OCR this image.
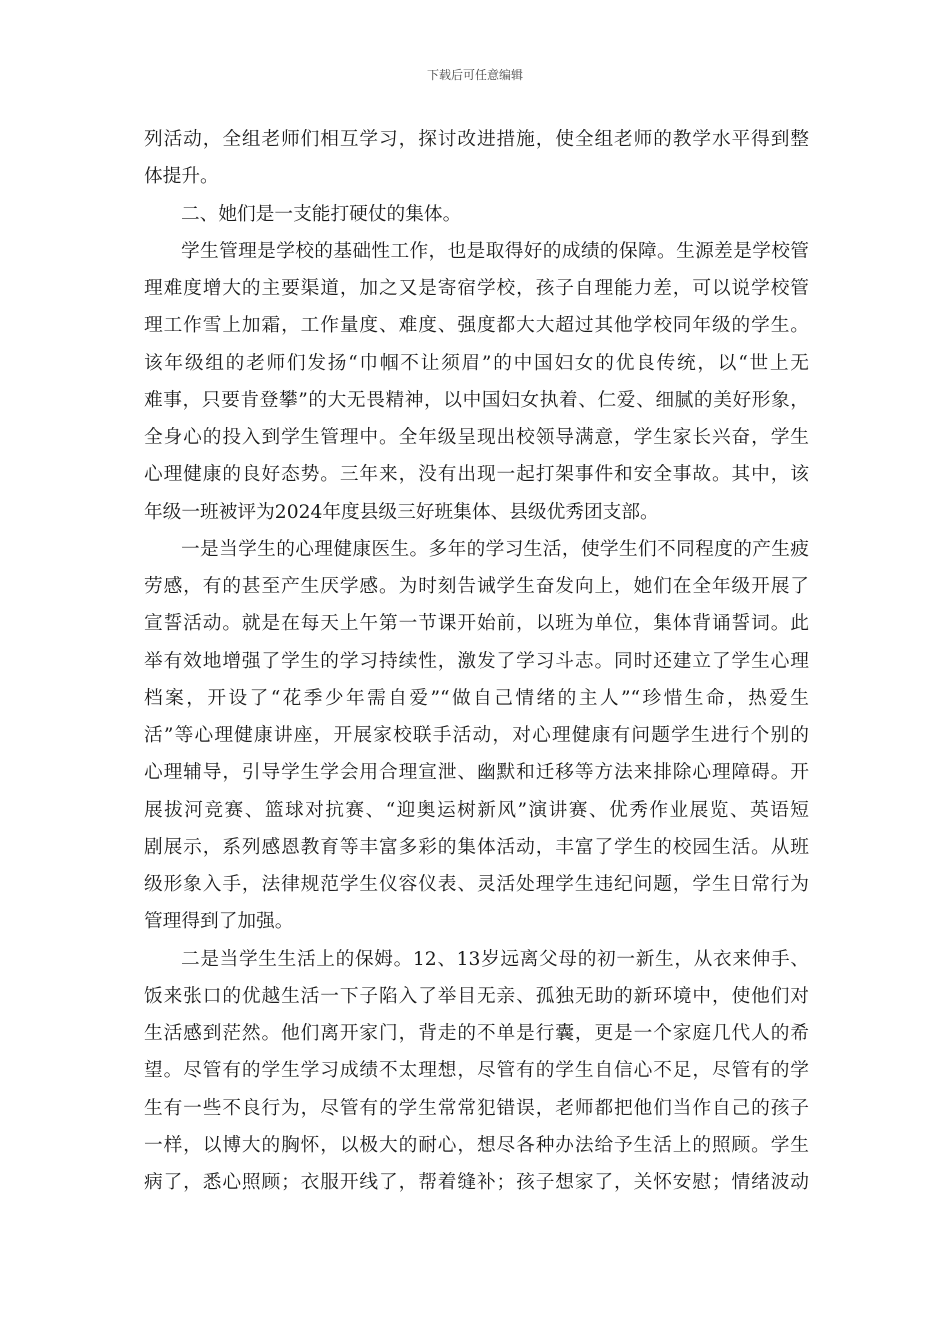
下载后可任意编辑
列活动，全组老师们相互学习，探讨改进措施，使全组老师的教学水平得到整
体提升。
二、她们是一支能打硬仗的集体。
学生管理是学校的基础性工作，也是取得好的成绩的保障。生源差是学校管
理难度增大的主要渠道，加之又是寄宿学校，孩子自理能力差，可以说学校管
理工作雪上加霜，工作量度、难度、强度都大大超过其他学校同年级的学生。
该年级组的老师们发扬“巾帼不让须眉”的中国妇女的优良传统，以“世上无
难事，只要肯登攀”的大无畏精神，以中国妇女执着、仁爱、细腻的美好形象，
全身心的投入到学生管理中。全年级呈现出校领导满意，学生家长兴奋，学生
心理健康的良好态势。三年来，没有出现一起打架事件和安全事故。其中，该
年级一班被评为2024年度县级三好班集体、县级优秀团支部。
一是当学生的心理健康医生。多年的学习生活，使学生们不同程度的产生疲
劳感，有的甚至产生厌学感。为时刻告诫学生奋发向上，她们在全年级开展了
宣誓活动。就是在每天上午第一节课开始前，以班为单位，集体背诵誓词。此
举有效地增强了学生的学习持续性，激发了学习斗志。同时还建立了学生心理
档案，开设了“花季少年需自爱”“做自己情绪的主人”“珍惜生命，热爱生
活”等心理健康讲座，开展家校联手活动，对心理健康有问题学生进行个别的
心理辅导，引导学生学会用合理宣泄、幽默和迁移等方法来排除心理障碍。开
展拔河竞赛、篮球对抗赛、“迎奥运树新风”演讲赛、优秀作业展览、英语短
剧展示，系列感恩教育等丰富多彩的集体活动，丰富了学生的校园生活。从班
级形象入手，法律规范学生仪容仪表、灵活处理学生违纪问题，学生日常行为
管理得到了加强。
二是当学生生活上的保姆。12、13岁远离父母的初一新生，从衣来伸手、
饭来张口的优越生活一下子陷入了举目无亲、孤独无助的新环境中，使他们对
生活感到茫然。他们离开家门，背走的不单是行囊，更是一个家庭几代人的希
望。尽管有的学生学习成绩不太理想，尽管有的学生自信心不足，尽管有的学
生有一些不良行为，尽管有的学生常常犯错误，老师都把他们当作自己的孩子
一样，以博大的胸怀，以极大的耐心，想尽各种办法给予生活上的照顾。学生
病了，悉心照顾；衣服开线了，帮着缝补；孩子想家了，关怀安慰；情绪波动
